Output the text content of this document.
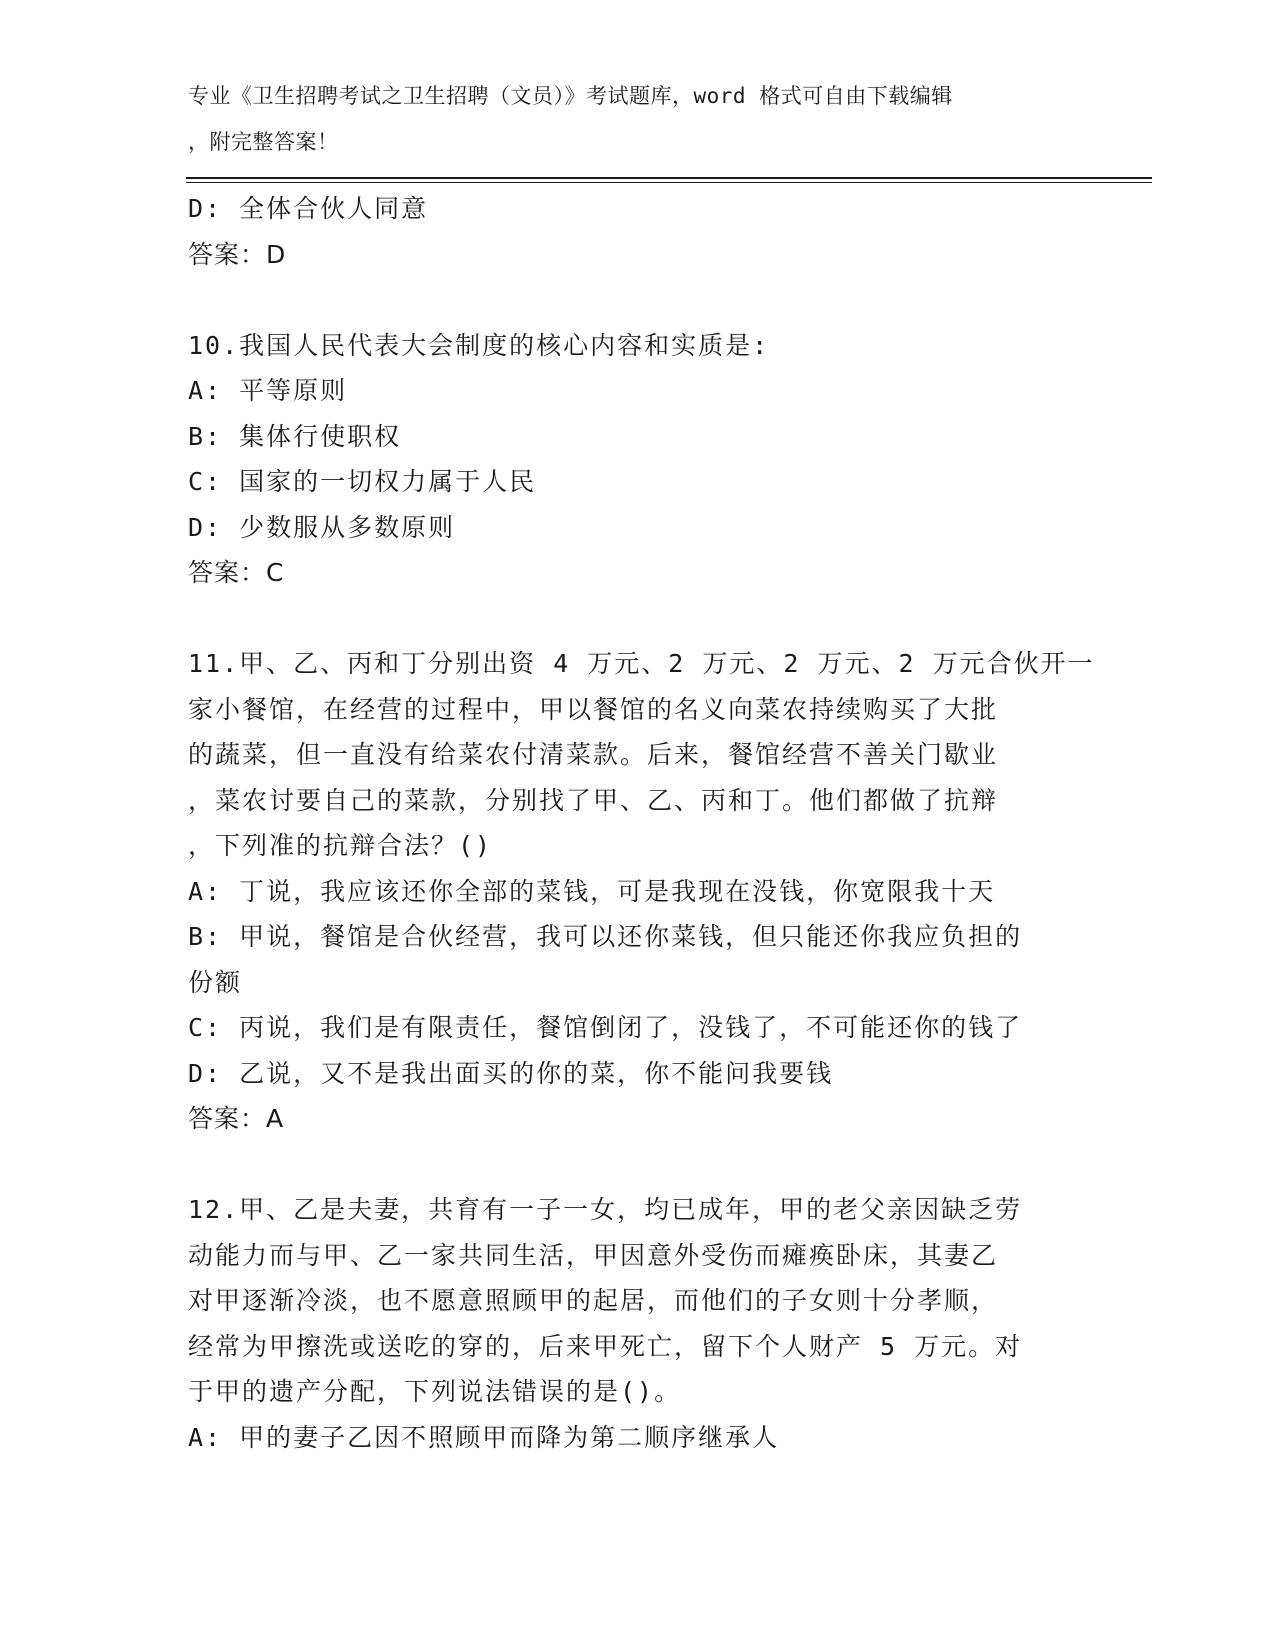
专业《卫生招聘考试之卫生招聘（文员）》考试题库，word 格式可自由下载编辑
，附完整答案！
D: 全体合伙人同意
答案：D
10.我国人民代表大会制度的核心内容和实质是:
A: 平等原则
B: 集体行使职权
C: 国家的一切权力属于人民
D: 少数服从多数原则
答案：C
11.甲、乙、丙和丁分别出资 4 万元、2 万元、2 万元、2 万元合伙开一
家小餐馆，在经营的过程中，甲以餐馆的名义向菜农持续购买了大批
的蔬菜，但一直没有给菜农付清菜款。后来，餐馆经营不善关门歇业
，菜农讨要自己的菜款，分别找了甲、乙、丙和丁。他们都做了抗辩
，下列准的抗辩合法？()
A: 丁说，我应该还你全部的菜钱，可是我现在没钱，你宽限我十天
B: 甲说，餐馆是合伙经营，我可以还你菜钱，但只能还你我应负担的
份额
C: 丙说，我们是有限责任，餐馆倒闭了，没钱了，不可能还你的钱了
D: 乙说，又不是我出面买的你的菜，你不能问我要钱
答案：A
12.甲、乙是夫妻，共育有一子一女，均已成年，甲的老父亲因缺乏劳
动能力而与甲、乙一家共同生活，甲因意外受伤而瘫痪卧床，其妻乙
对甲逐渐冷淡，也不愿意照顾甲的起居，而他们的子女则十分孝顺，
经常为甲擦洗或送吃的穿的，后来甲死亡，留下个人财产 5 万元。对
于甲的遗产分配，下列说法错误的是()。
A: 甲的妻子乙因不照顾甲而降为第二顺序继承人
